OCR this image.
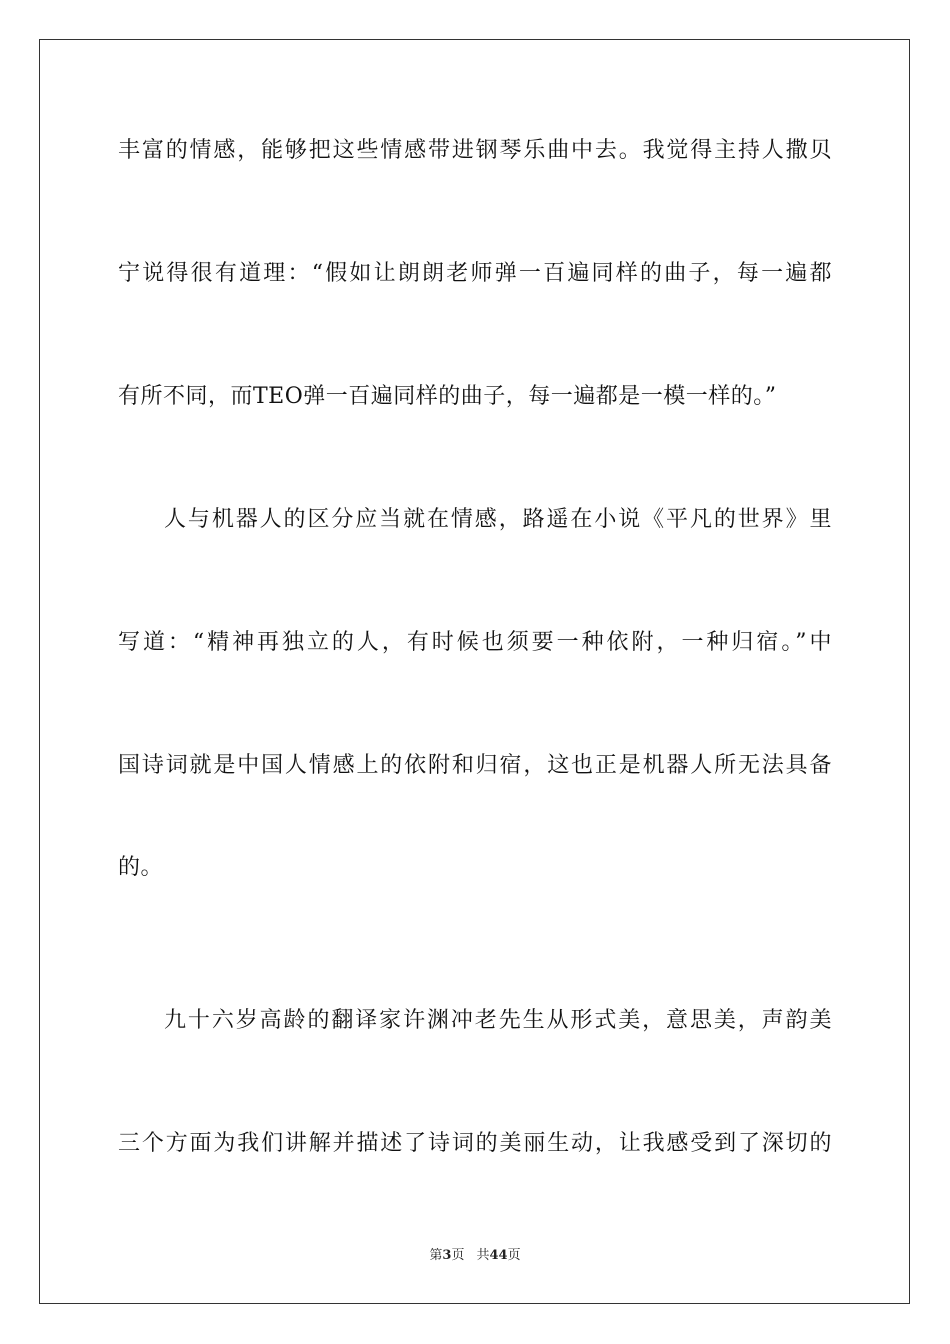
丰富的情感，能够把这些情感带进钢琴乐曲中去。我觉得主持人撒贝
宁说得很有道理：“假如让朗朗老师弹一百遍同样的曲子，每一遍都
有所不同，而TEO弹一百遍同样的曲子，每一遍都是一模一样的。”
人与机器人的区分应当就在情感，路遥在小说《平凡的世界》里
写道：“精神再独立的人，有时候也须要一种依附，一种归宿。”中
国诗词就是中国人情感上的依附和归宿，这也正是机器人所无法具备
的。
九十六岁高龄的翻译家许渊冲老先生从形式美，意思美，声韵美
三个方面为我们讲解并描述了诗词的美丽生动，让我感受到了深切的
第3页 共44页
